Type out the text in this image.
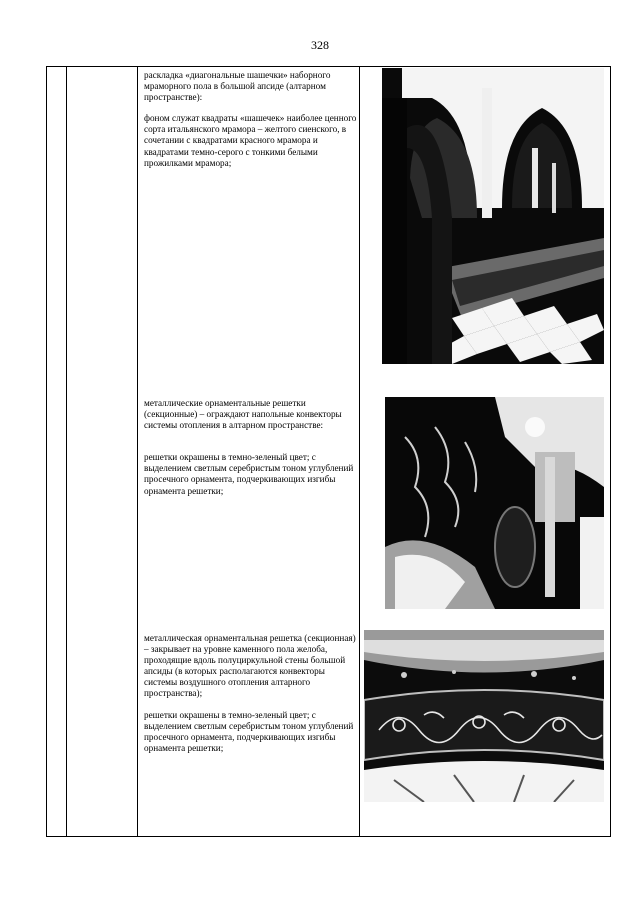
328

раскладка «диагональные шашечки» наборного мраморного пола в большой апсиде (алтарном пространстве):

фоном служат квадраты «шашечек» наиболее ценного сорта итальянского мрамора – желтого сиенского, в сочетании с квадратами красного мрамора и квадратами темно-серого с тонкими белыми прожилками мрамора;

металлические орнаментальные решетки (секционные) – ограждают напольные конвекторы системы отопления в алтарном пространстве:

решетки окрашены в темно-зеленый цвет; с выделением светлым серебристым тоном углублений просечного орнамента, подчеркивающих изгибы орнамента решетки;

металлическая орнаментальная решетка (секционная) – закрывает на уровне каменного пола желоба, проходящие вдоль полуциркульной стены большой апсиды (в которых располагаются конвекторы системы воздушного отопления алтарного пространства);

решетки окрашены в темно-зеленый цвет; с выделением светлым серебристым тоном углублений просечного орнамента, подчеркивающих изгибы орнамента решетки;
